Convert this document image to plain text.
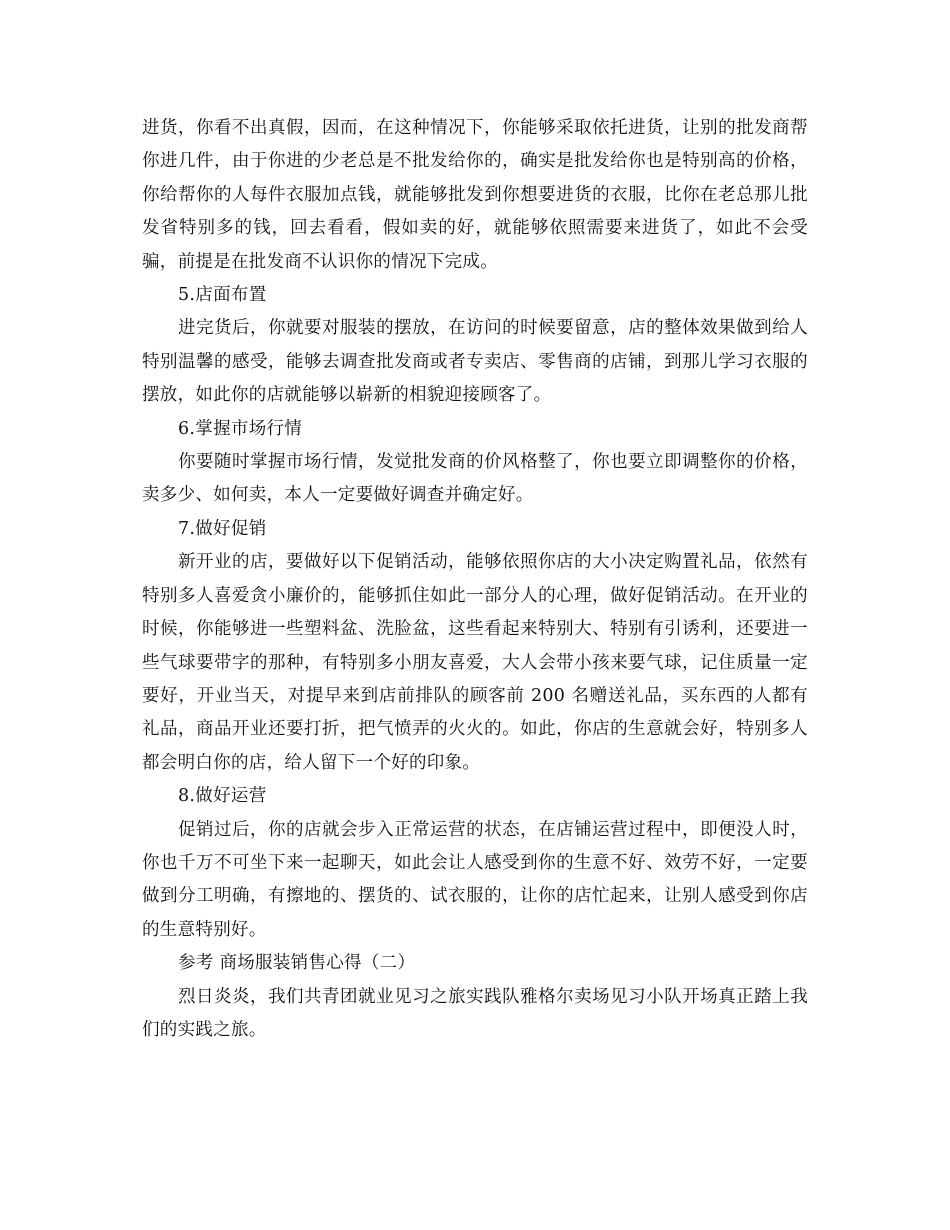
进货，你看不出真假，因而，在这种情况下，你能够采取依托进货，让别的批发商帮你进几件，由于你进的少老总是不批发给你的，确实是批发给你也是特别高的价格，你给帮你的人每件衣服加点钱，就能够批发到你想要进货的衣服，比你在老总那儿批发省特别多的钱，回去看看，假如卖的好，就能够依照需要来进货了，如此不会受骗，前提是在批发商不认识你的情况下完成。

5.店面布置

进完货后，你就要对服装的摆放，在访问的时候要留意，店的整体效果做到给人特别温馨的感受，能够去调查批发商或者专卖店、零售商的店铺，到那儿学习衣服的摆放，如此你的店就能够以崭新的相貌迎接顾客了。

6.掌握市场行情

你要随时掌握市场行情，发觉批发商的价风格整了，你也要立即调整你的价格，卖多少、如何卖，本人一定要做好调查并确定好。

7.做好促销

新开业的店，要做好以下促销活动，能够依照你店的大小决定购置礼品，依然有特别多人喜爱贪小廉价的，能够抓住如此一部分人的心理，做好促销活动。在开业的时候，你能够进一些塑料盆、洗脸盆，这些看起来特别大、特别有引诱利，还要进一些气球要带字的那种，有特别多小朋友喜爱，大人会带小孩来要气球，记住质量一定要好，开业当天，对提早来到店前排队的顾客前 200 名赠送礼品，买东西的人都有礼品，商品开业还要打折，把气愤弄的火火的。如此，你店的生意就会好，特别多人都会明白你的店，给人留下一个好的印象。

8.做好运营

促销过后，你的店就会步入正常运营的状态，在店铺运营过程中，即便没人时，你也千万不可坐下来一起聊天，如此会让人感受到你的生意不好、效劳不好，一定要做到分工明确，有擦地的、摆货的、试衣服的，让你的店忙起来，让别人感受到你店的生意特别好。

参考 商场服装销售心得（二）

烈日炎炎，我们共青团就业见习之旅实践队雅格尔卖场见习小队开场真正踏上我们的实践之旅。
